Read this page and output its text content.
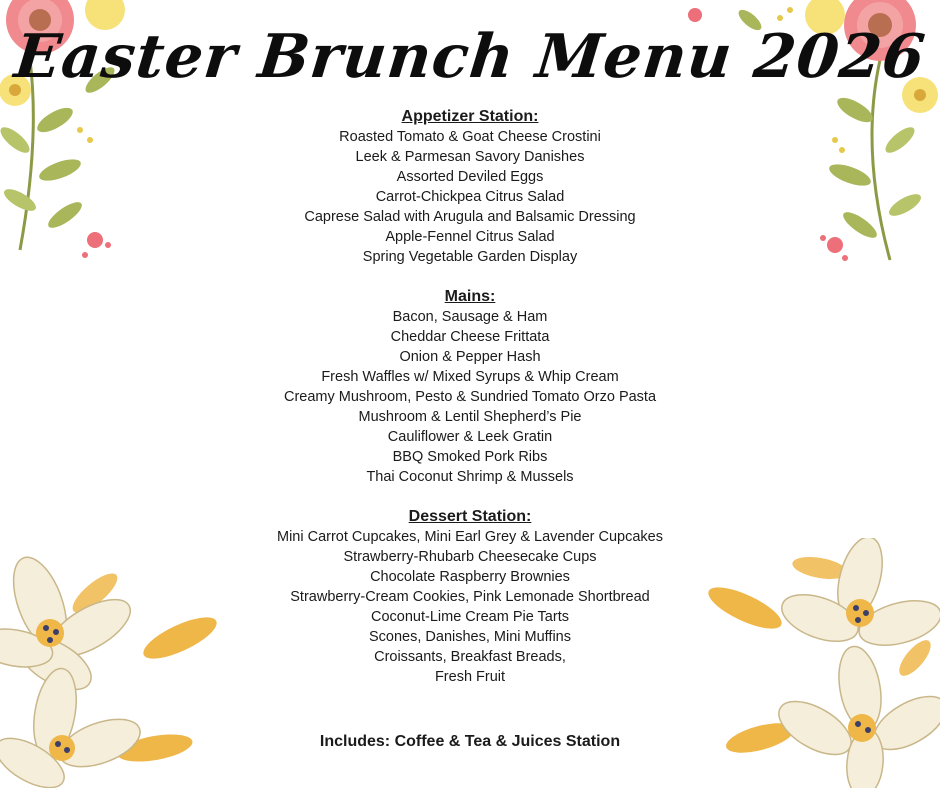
Easter Brunch Menu 2026
Appetizer Station:
Roasted Tomato & Goat Cheese Crostini
Leek & Parmesan Savory Danishes
Assorted Deviled Eggs
Carrot-Chickpea Citrus Salad
Caprese Salad with Arugula and Balsamic Dressing
Apple-Fennel Citrus Salad
Spring Vegetable Garden Display
Mains:
Bacon, Sausage & Ham
Cheddar Cheese Frittata
Onion & Pepper Hash
Fresh Waffles w/ Mixed Syrups & Whip Cream
Creamy Mushroom, Pesto & Sundried Tomato Orzo Pasta
Mushroom & Lentil Shepherd’s Pie
Cauliflower & Leek Gratin
BBQ Smoked Pork Ribs
Thai Coconut Shrimp & Mussels
Dessert Station:
Mini Carrot Cupcakes, Mini Earl Grey & Lavender Cupcakes
Strawberry-Rhubarb Cheesecake Cups
Chocolate Raspberry Brownies
Strawberry-Cream Cookies, Pink Lemonade Shortbread
Coconut-Lime Cream Pie Tarts
Scones, Danishes, Mini Muffins
Croissants, Breakfast Breads,
Fresh Fruit
Includes: Coffee & Tea & Juices Station
